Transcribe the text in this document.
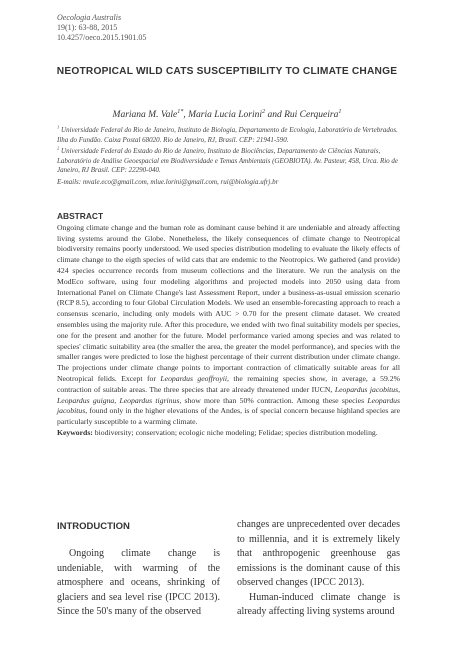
Oecologia Australis
19(1): 63-88, 2015
10.4257/oeco.2015.1901.05
NEOTROPICAL WILD CATS SUSCEPTIBILITY TO CLIMATE CHANGE
Mariana M. Vale$^{1*}$, Maria Lucia Lorini$^2$ and Rui Cerqueira$^1$

$^1$ Universidade Federal do Rio de Janeiro, Instituto de Biologia, Departamento de Ecologia, Laboratório de Vertebrados. Ilha do Fundão. Caixa Postal 68020. Rio de Janeiro, RJ, Brasil. CEP: 21941-590.

$^2$ Universidade Federal do Estado do Rio de Janeiro, Instituto de Biociências, Departamento de Ciências Naturais, Laboratório de Análise Geoespacial em Biodiversidade e Temas Ambientais (GEOBIOTA). Av. Pasteur, 458, Urca. Rio de Janeiro, RJ Brasil. CEP: 22290-040.

E-mails: mvale.eco@gmail.com, mlue.lorini@gmail.com, rui@biologia.ufrj.br

ABSTRACT

Ongoing climate change and the human role as dominant cause behind it are undeniable and already affecting living systems around the Globe. Nonetheless, the likely consequences of climate change to Neotropical biodiversity remains poorly understood. We used species distribution modeling to evaluate the likely effects of climate change to the eigth species of wild cats that are endemic to the Neotropics. We gathered (and provide) 424 species occurrence records from museum collections and the literature. We run the analysis on the ModEco software, using four modeling algorithms and projected models into 2050 using data from International Panel on Climate Change's last Assessment Report, under a business-as-usual emission scenario (RCP 8.5), according to four Global Circulation Models. We used an ensemble-forecasting approach to reach a consensus scenario, including only models with AUC > 0.70 for the present climate dataset. We created ensembles using the majority rule. After this procedure, we ended with two final suitability models per species, one for the present and another for the future. Model performance varied among species and was related to species' climatic suitability area (the smaller the area, the greater the model performance), and species with the smaller ranges were predicted to lose the highest percentage of their current distribution under climate change. The projections under climate change points to important contraction of climatically suitable areas for all Neotropical felids. Except for Leopardus geoffroyii, the remaining species show, in average, a 59.2% contraction of suitable areas. The three species that are already threatened under IUCN, Leopardus jacobitus, Leopardus guigna, Leopardus tigrinus, show more than 50% contraction. Among these species Leopardus jacobitus, found only in the higher elevations of the Andes, is of special concern because highland species are particularly susceptible to a warming climate.

Keywords: biodiversity; conservation; ecologic niche modeling; Felidae; species distribution modeling.

INTRODUCTION

Ongoing climate change is undeniable, with warming of the atmosphere and oceans, shrinking of glaciers and sea level rise (IPCC 2013). Since the 50's many of the observed

changes are unprecedented over decades to millennia, and it is extremely likely that anthropogenic greenhouse gas emissions is the dominant cause of this observed changes (IPCC 2013).

Human-induced climate change is already affecting living systems around
